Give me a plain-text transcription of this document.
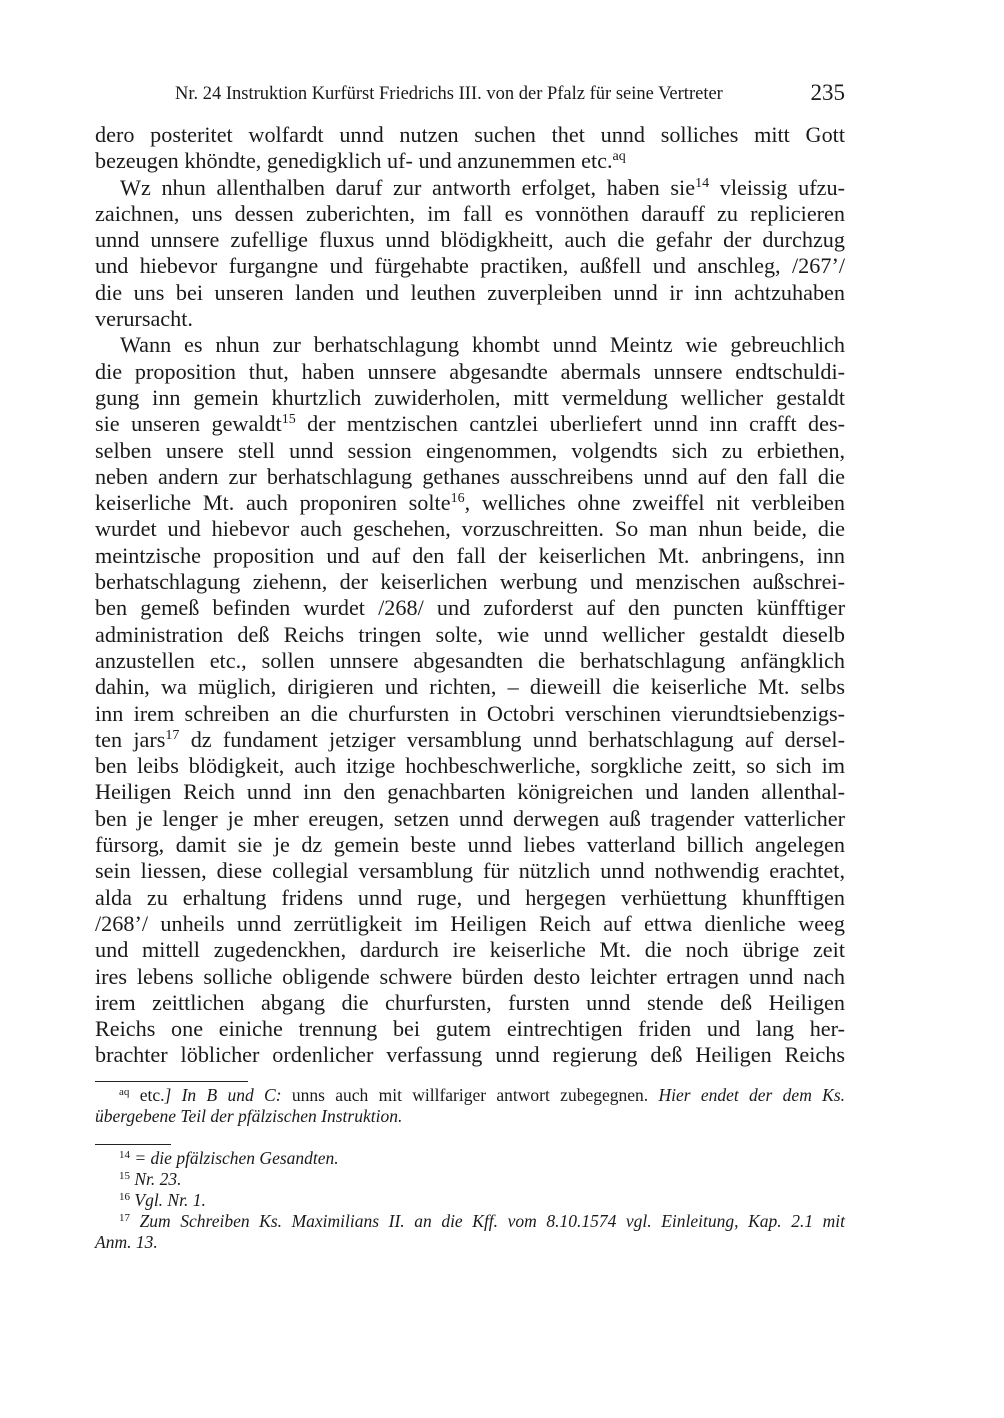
Nr. 24 Instruktion Kurfürst Friedrichs III. von der Pfalz für seine Vertreter	235
dero posteritet wolfardt unnd nutzen suchen thet unnd solliches mitt Gott
bezeugen khöndte, genedigklich uf- und anzunemmen etc.$^{aq}$
Wz nhun allenthalben daruf zur antworth erfolget, haben sie$^{14}$ vleissig ufzu-
zaichnen, uns dessen zuberichten, im fall es vonnöthen darauff zu replicieren
unnd unnsere zufellige fluxus unnd blödigkheitt, auch die gefahr der durchzug
und hiebevor furgangne und fürgehabte practiken, außfell und anschleg, /267’/
die uns bei unseren landen und leuthen zuverpleiben unnd ir inn achtzuhaben
verursacht.
Wann es nhun zur berhatschlagung khombt unnd Meintz wie gebreuchlich
die proposition thut, haben unnsere abgesandte abermals unnsere endtschuldi-
gung inn gemein khurtzlich zuwiderholen, mitt vermeldung wellicher gestaldt
sie unseren gewaldt$^{15}$ der mentzischen cantzlei uberliefert unnd inn crafft des-
selben unsere stell unnd session eingenommen, volgendts sich zu erbiethen,
neben andern zur berhatschlagung gethanes ausschreibens unnd auf den fall die
keiserliche Mt. auch proponiren solte$^{16}$, welliches ohne zweiffel nit verbleiben
wurdet und hiebevor auch geschehen, vorzuschreitten. So man nhun beide, die
meintzische proposition und auf den fall der keiserlichen Mt. anbringens, inn
berhatschlagung ziehenn, der keiserlichen werbung und menzischen außschrei-
ben gemeß befinden wurdet /268/ und zuforderst auf den puncten künfftiger
administration deß Reichs tringen solte, wie unnd wellicher gestaldt dieselb
anzustellen etc., sollen unnsere abgesandten die berhatschlagung anfängklich
dahin, wa müglich, dirigieren und richten, – dieweill die keiserliche Mt. selbs
inn irem schreiben an die churfursten in Octobri verschinen vierundtsiebenzigs-
ten jars$^{17}$ dz fundament jetziger versamblung unnd berhatschlagung auf dersel-
ben leibs blödigkeit, auch itzige hochbeschwerliche, sorgkliche zeitt, so sich im
Heiligen Reich unnd inn den genachbarten königreichen und landen allenthal-
ben je lenger je mher ereugen, setzen unnd derwegen auß tragender vatterlicher
fürsorg, damit sie je dz gemein beste unnd liebes vatterland billich angelegen
sein liessen, diese collegial versamblung für nützlich unnd nothwendig erachtet,
alda zu erhaltung fridens unnd ruge, und hergegen verhüettung khunfftigen
/268’/ unheils unnd zerrütligkeit im Heiligen Reich auf ettwa dienliche weeg
und mittell zugedenckhen, dardurch ire keiserliche Mt. die noch übrige zeit
ires lebens solliche obligende schwere bürden desto leichter ertragen unnd nach
irem zeittlichen abgang die churfursten, fursten unnd stende deß Heiligen
Reichs one einiche trennung bei gutem eintrechtigen friden und lang her-
brachter löblicher ordenlicher verfassung unnd regierung deß Heiligen Reichs
$^{aq}$ etc.] In B und C: unns auch mit willfariger antwort zubegegnen. Hier endet der dem Ks.
übergebene Teil der pfälzischen Instruktion.
$^{14}$ = die pfälzischen Gesandten.
$^{15}$ Nr. 23.
$^{16}$ Vgl. Nr. 1.
$^{17}$ Zum Schreiben Ks. Maximilians II. an die Kff. vom 8.10.1574 vgl. Einleitung, Kap. 2.1 mit
Anm. 13.
